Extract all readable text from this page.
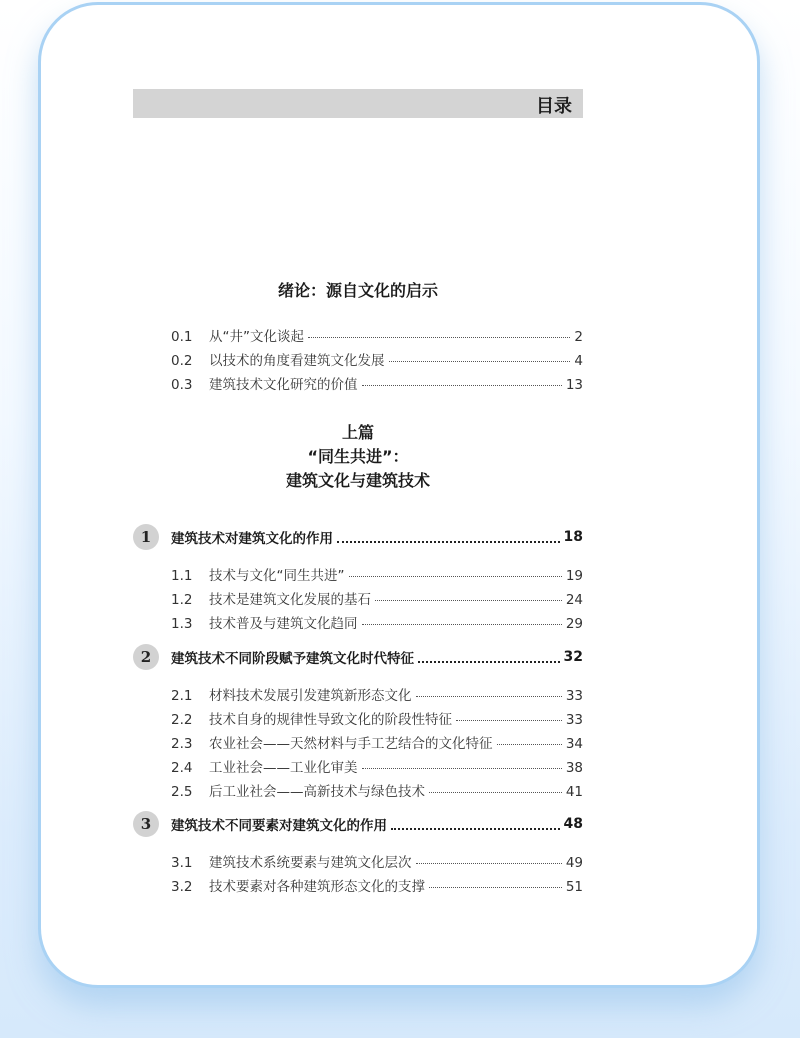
目录
绪论：源自文化的启示
0.1	从“井”文化谈起	2
0.2	以技术的角度看建筑文化发展	4
0.3	建筑技术文化研究的价值	13
上篇
“同生共进”：
建筑文化与建筑技术
1	建筑技术对建筑文化的作用	18
1.1	技术与文化“同生共进”	19
1.2	技术是建筑文化发展的基石	24
1.3	技术普及与建筑文化趋同	29
2	建筑技术不同阶段赋予建筑文化时代特征	32
2.1	材料技术发展引发建筑新形态文化	33
2.2	技术自身的规律性导致文化的阶段性特征	33
2.3	农业社会——天然材料与手工艺结合的文化特征	34
2.4	工业社会——工业化审美	38
2.5	后工业社会——高新技术与绿色技术	41
3	建筑技术不同要素对建筑文化的作用	48
3.1	建筑技术系统要素与建筑文化层次	49
3.2	技术要素对各种建筑形态文化的支撑	51
